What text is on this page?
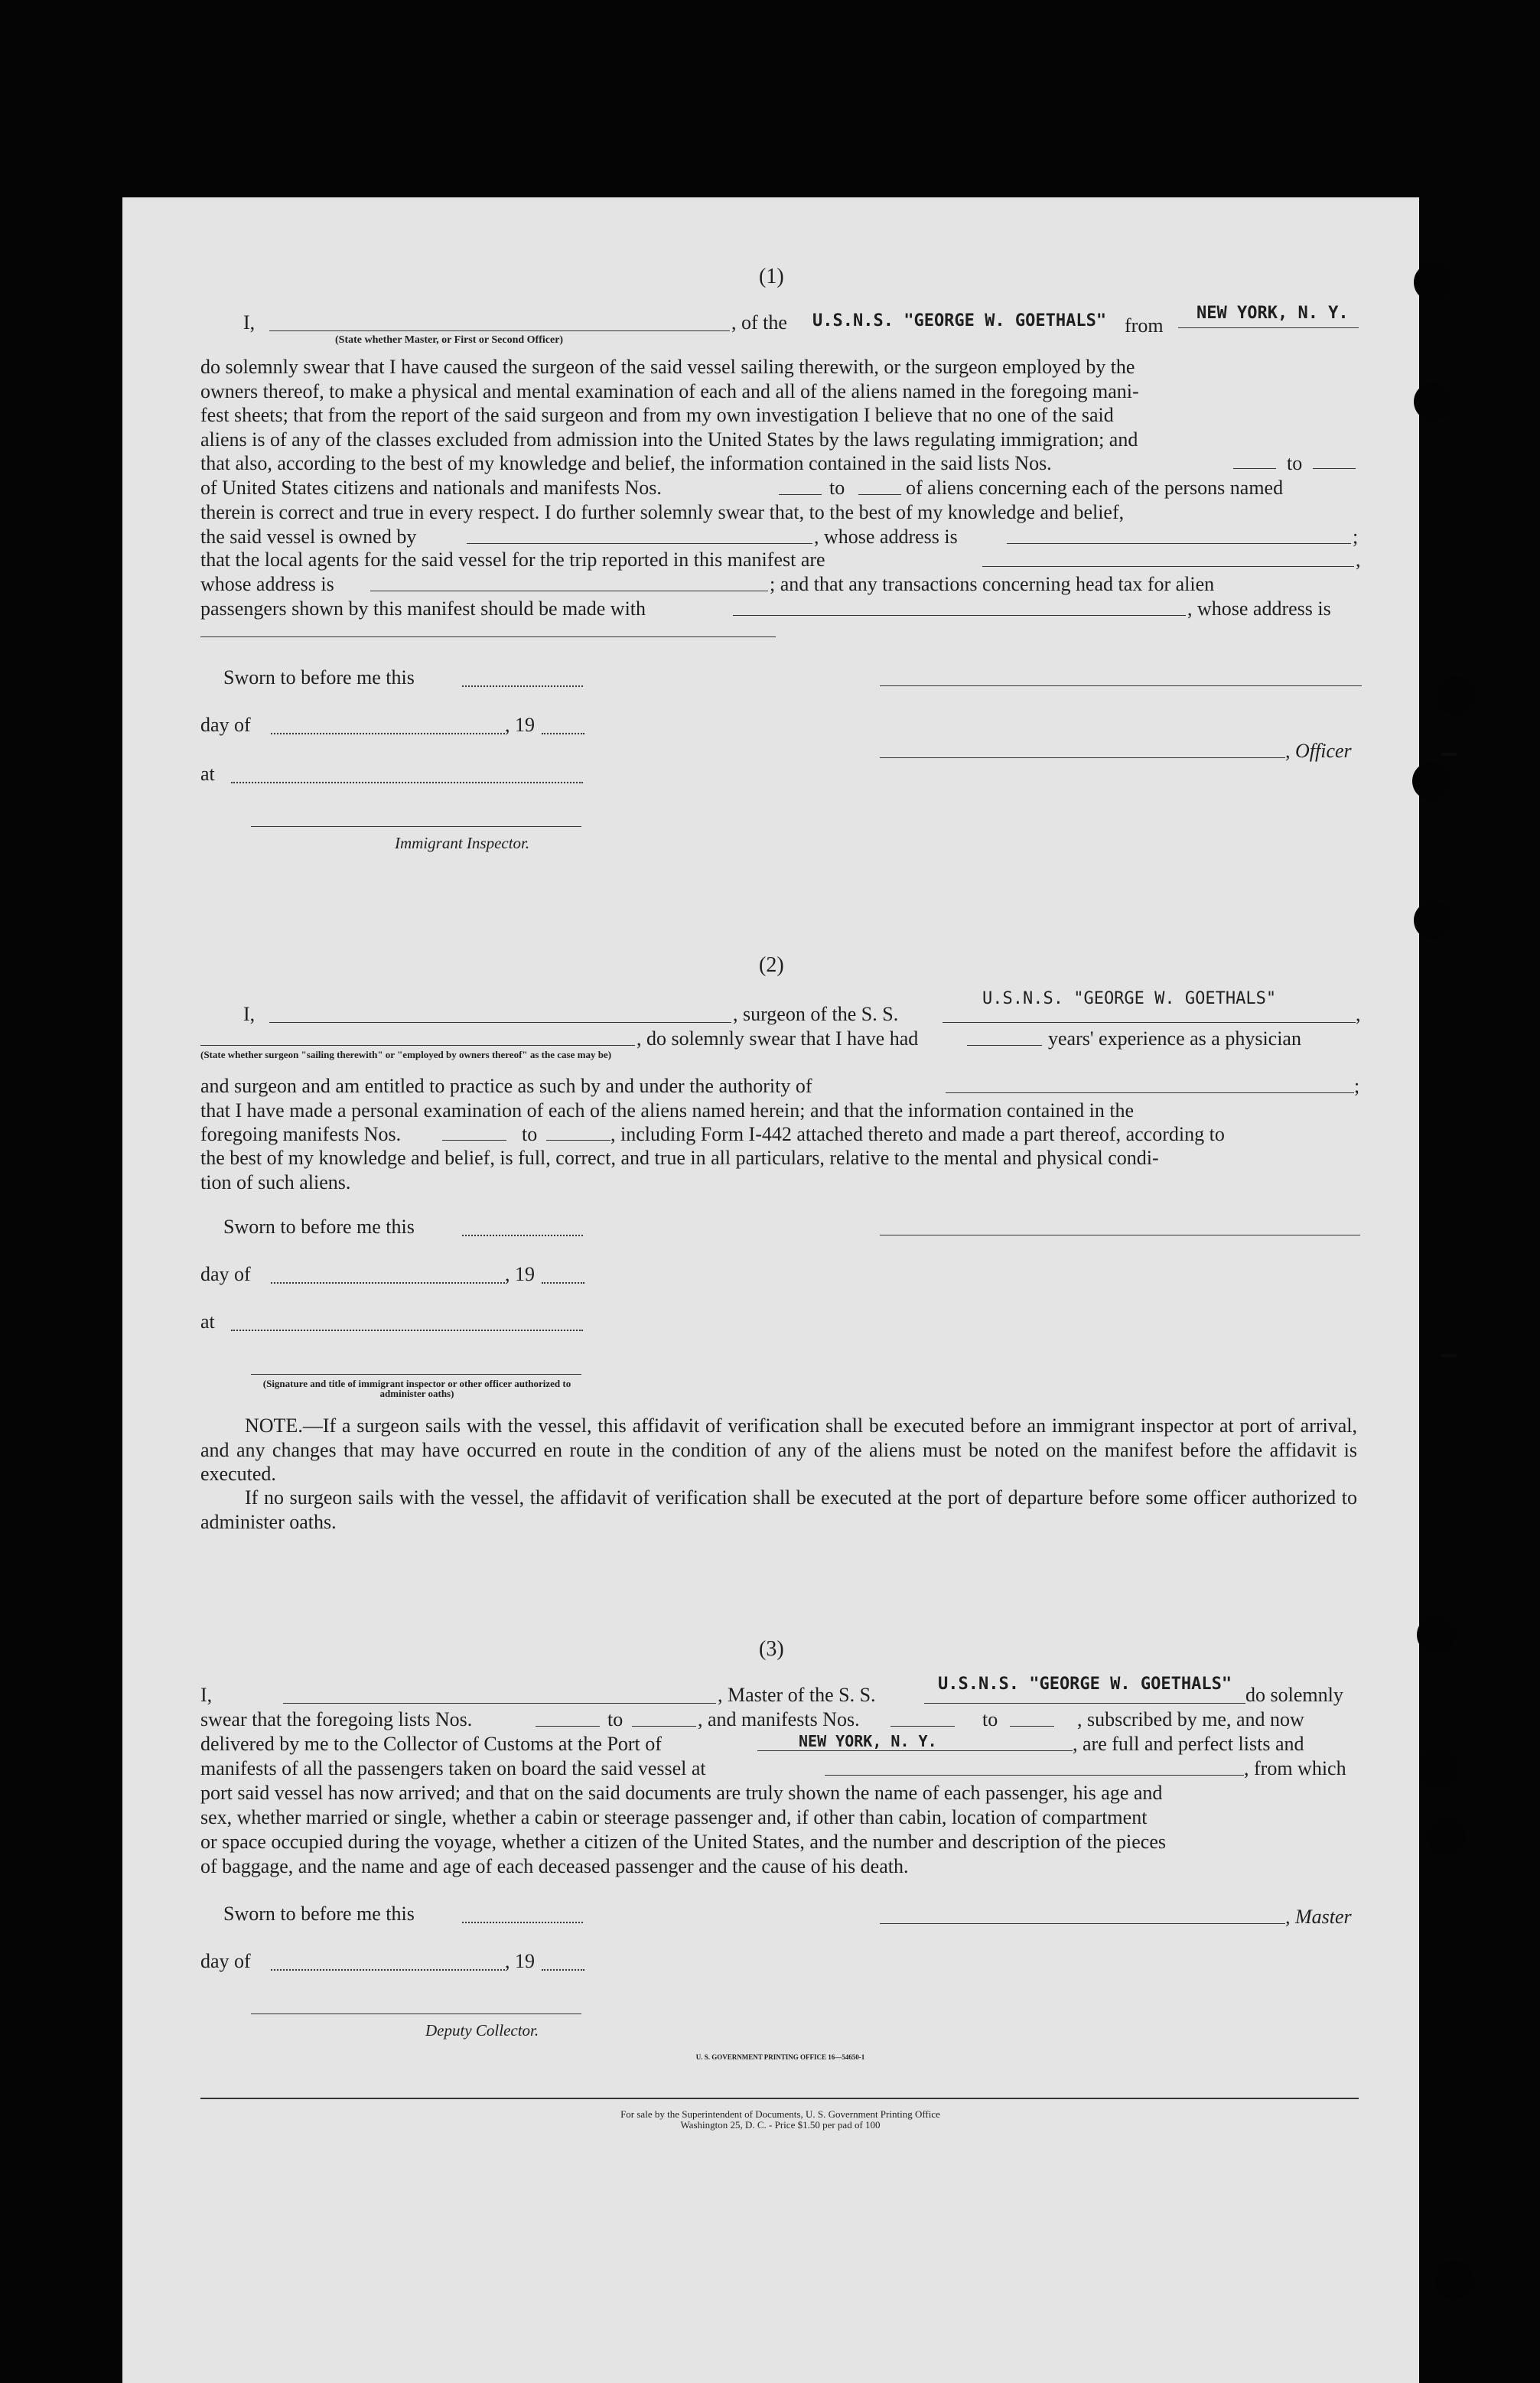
(1)
I,
(State whether Master, or First or Second Officer)
, of the U.S.N.S. "GEORGE W. GOETHALS" from
NEW YORK, N. Y.
do solemnly swear that I have caused the surgeon of the said vessel sailing therewith, or the surgeon employed by the
owners thereof, to make a physical and mental examination of each and all of the aliens named in the foregoing mani-
fest sheets; that from the report of the said surgeon and from my own investigation I believe that no one of the said
aliens is of any of the classes excluded from admission into the United States by the laws regulating immigration; and
that also, according to the best of my knowledge and belief, the information contained in the said lists Nos.	to
of United States citizens and nationals and manifests Nos.	to	of aliens concerning each of the persons named
therein is correct and true in every respect. I do further solemnly swear that, to the best of my knowledge and belief,
the said vessel is owned by	, whose address is	;
that the local agents for the said vessel for the trip reported in this manifest are	,
whose address is	; and that any transactions concerning head tax for alien
passengers shown by this manifest should be made with	, whose address is
Sworn to before me this
day of	, 19
, Officer
at
Immigrant Inspector.
(2)
I,	, surgeon of the S. S.
U.S.N.S. "GEORGE W. GOETHALS"
,
, do solemnly swear that I have had	years' experience as a physician
(State whether surgeon "sailing therewith" or "employed by owners thereof" as the case may be)
and surgeon and am entitled to practice as such by and under the authority of	;
that I have made a personal examination of each of the aliens named herein; and that the information contained in the
foregoing manifests Nos.	to	, including Form I-442 attached thereto and made a part thereof, according to
the best of my knowledge and belief, is full, correct, and true in all particulars, relative to the mental and physical condi-
tion of such aliens.
Sworn to before me this
day of	, 19
at
(Signature and title of immigrant inspector or other officer authorized to administer oaths)
NOTE.—If a surgeon sails with the vessel, this affidavit of verification shall be executed before an immigrant inspector at port of arrival, and any changes that may have occurred en route in the condition of any of the aliens must be noted on the manifest before the affidavit is executed.
If no surgeon sails with the vessel, the affidavit of verification shall be executed at the port of departure before some officer authorized to administer oaths.
(3)
I,	, Master of the S. S.	U.S.N.S. "GEORGE W. GOETHALS" do solemnly
swear that the foregoing lists Nos.	to	, and manifests Nos.	to	, subscribed by me, and now
delivered by me to the Collector of Customs at the Port of	NEW YORK, N. Y.	, are full and perfect lists and
manifests of all the passengers taken on board the said vessel at	, from which
port said vessel has now arrived; and that on the said documents are truly shown the name of each passenger, his age and
sex, whether married or single, whether a cabin or steerage passenger and, if other than cabin, location of compartment
or space occupied during the voyage, whether a citizen of the United States, and the number and description of the pieces
of baggage, and the name and age of each deceased passenger and the cause of his death.
Sworn to before me this	, Master
day of	, 19
Deputy Collector.
U. S. GOVERNMENT PRINTING OFFICE 16—54650-1
For sale by the Superintendent of Documents, U. S. Government Printing Office
Washington 25, D. C. - Price $1.50 per pad of 100
